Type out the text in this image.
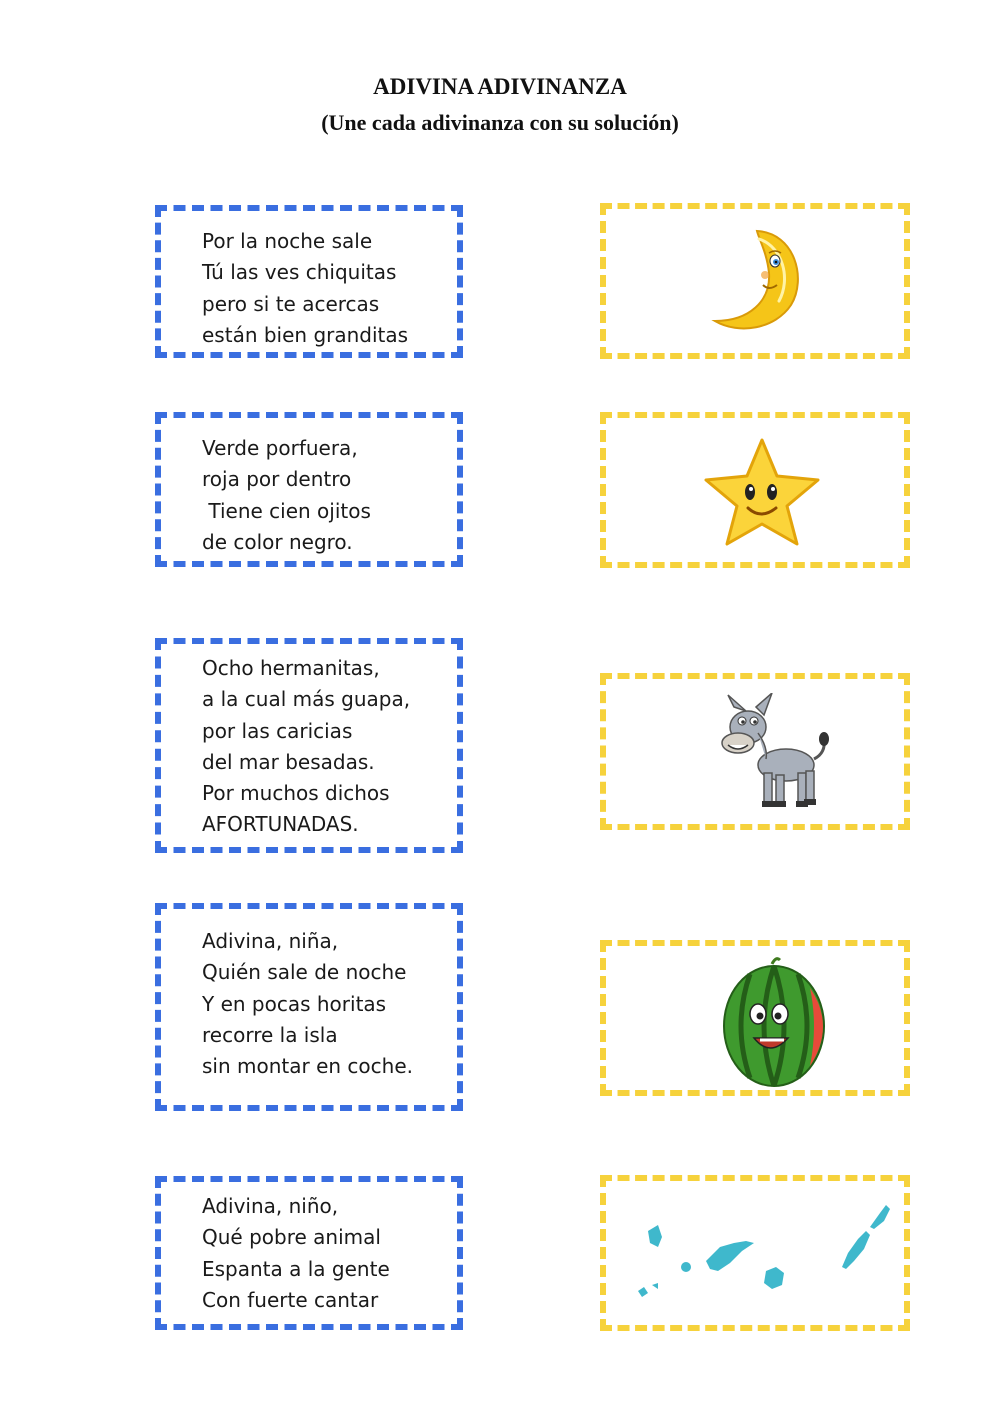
ADIVINA ADIVINANZA
(Une cada adivinanza con su solución)
Por la noche sale
Tú las ves chiquitas
pero si te acercas
están bien granditas
Verde porfuera,
roja por dentro
Tiene cien ojitos
de color negro.
Ocho hermanitas,
a la cual más guapa,
por las caricias
del mar besadas.
Por muchos dichos
AFORTUNADAS.
Adivina, niña,
Quién sale de noche
Y en pocas horitas
recorre la isla
sin montar en coche.
Adivina, niño,
Qué pobre animal
Espanta a la gente
Con fuerte cantar
